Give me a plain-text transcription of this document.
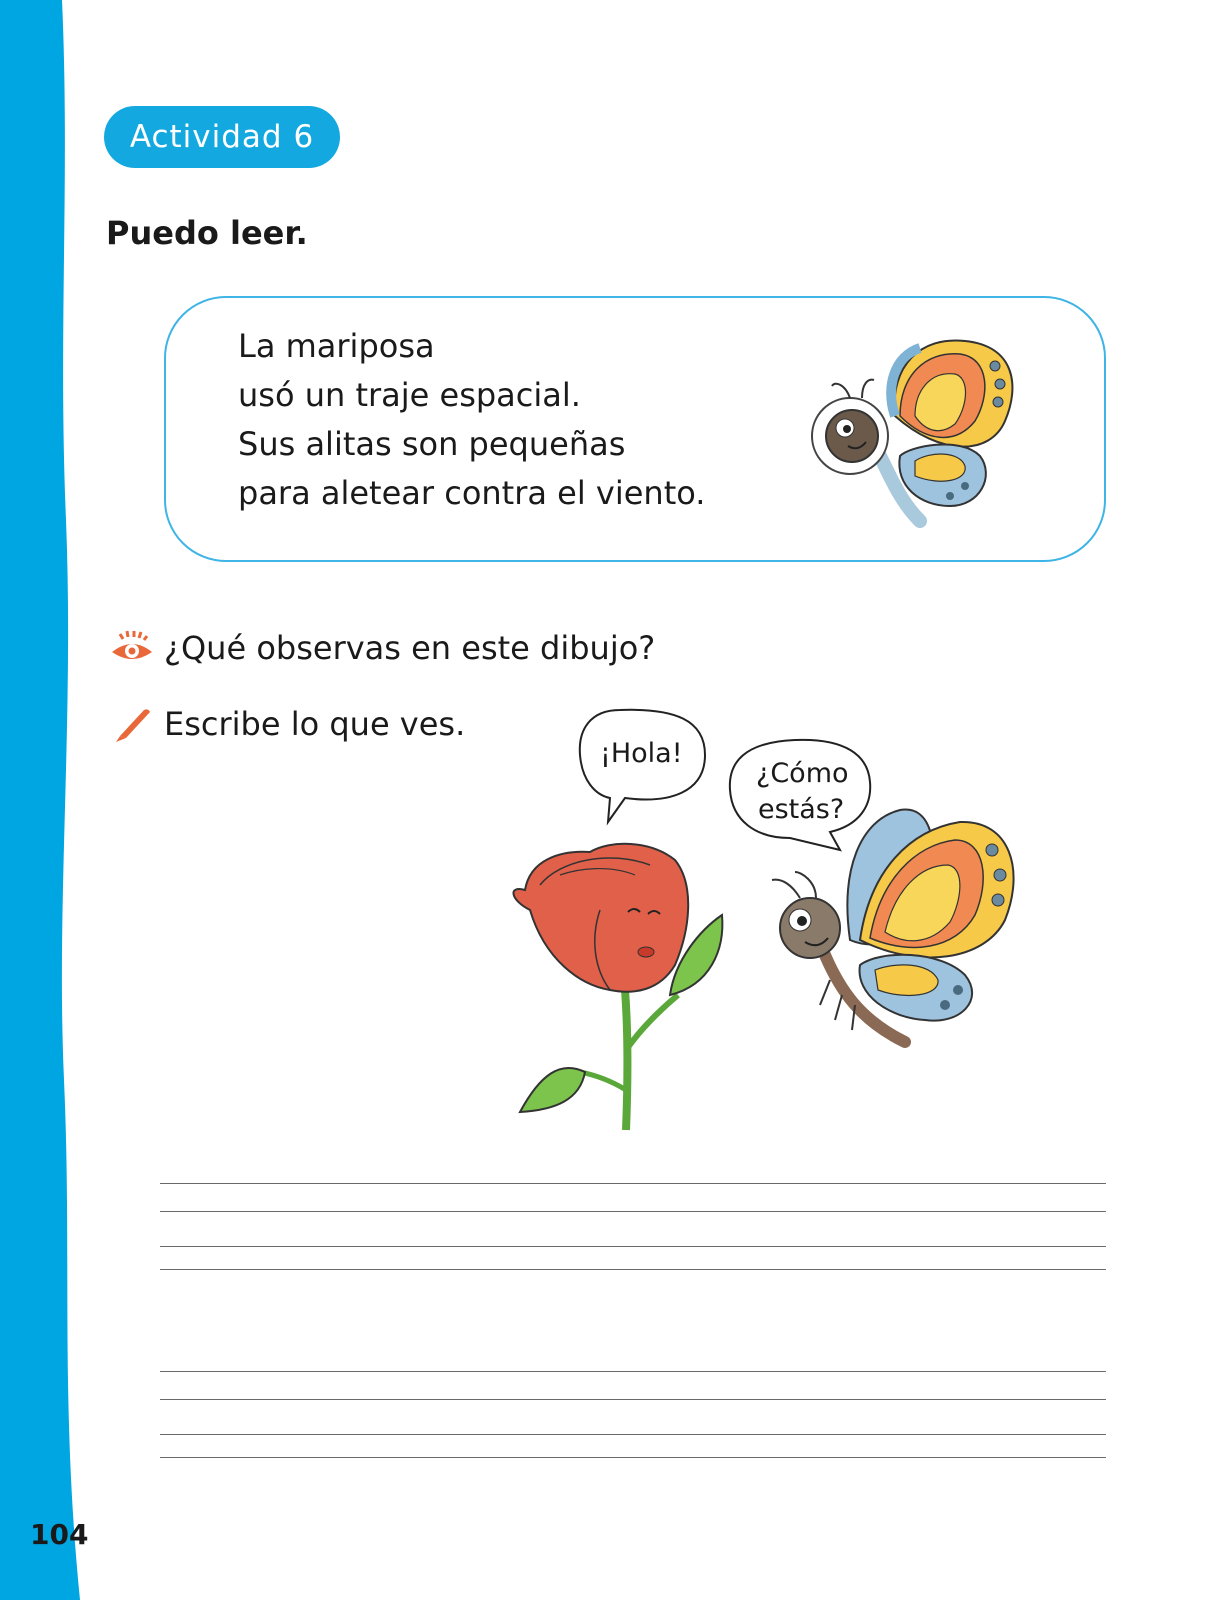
104
Actividad 6
Puedo leer.
La mariposa
usó un traje espacial.
Sus alitas son pequeñas
para aletear contra el viento.
¿Qué observas en este dibujo?
Escribe lo que ves.
¡Hola!
¿Cómo
estás?
